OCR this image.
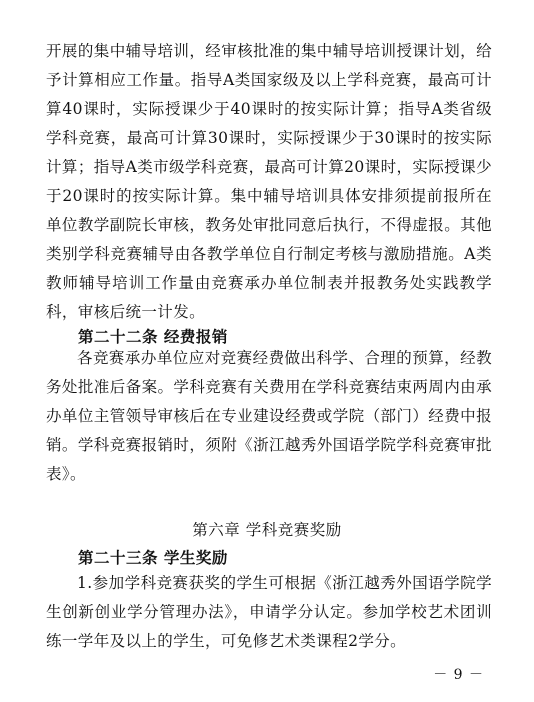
开展的集中辅导培训，经审核批准的集中辅导培训授课计划，给予计算相应工作量。指导A类国家级及以上学科竞赛，最高可计算40课时，实际授课少于40课时的按实际计算；指导A类省级学科竞赛，最高可计算30课时，实际授课少于30课时的按实际计算；指导A类市级学科竞赛，最高可计算20课时，实际授课少于20课时的按实际计算。集中辅导培训具体安排须提前报所在单位教学副院长审核，教务处审批同意后执行，不得虚报。其他类别学科竞赛辅导由各教学单位自行制定考核与激励措施。A类教师辅导培训工作量由竞赛承办单位制表并报教务处实践教学科，审核后统一计发。

第二十二条 经费报销

各竞赛承办单位应对竞赛经费做出科学、合理的预算，经教务处批准后备案。学科竞赛有关费用在学科竞赛结束两周内由承办单位主管领导审核后在专业建设经费或学院（部门）经费中报销。学科竞赛报销时，须附《浙江越秀外国语学院学科竞赛审批表》。

第六章 学科竞赛奖励

第二十三条 学生奖励

1.参加学科竞赛获奖的学生可根据《浙江越秀外国语学院学生创新创业学分管理办法》，申请学分认定。参加学校艺术团训练一学年及以上的学生，可免修艺术类课程2学分。

－ 9 －
